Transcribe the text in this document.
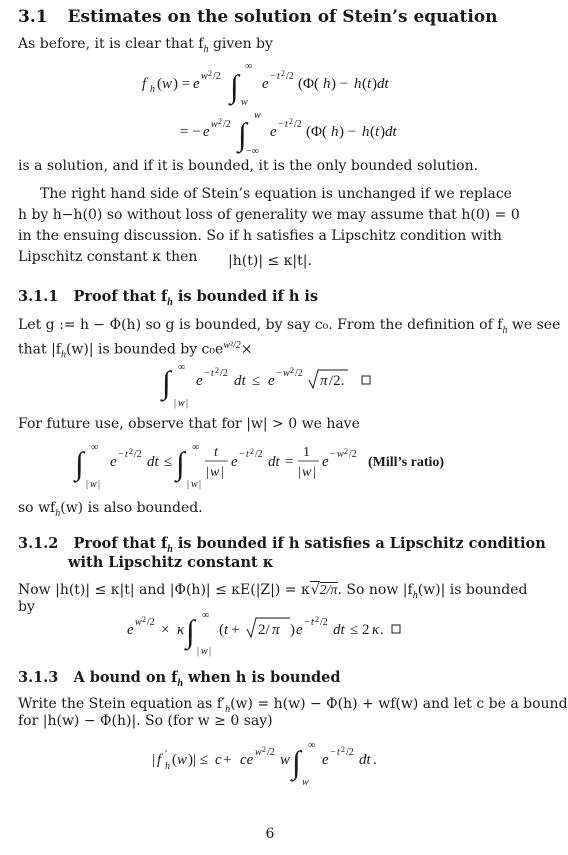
3.1 Estimates on the solution of Stein’s equation
As before, it is clear that $f_h$ given by
f h ( w ) = e w 2 /2 ∫
∞
w
e − t 2 /2 (Φ( h ) − h ( t ) dt
= − e w 2 /2 ∫
w
−∞
e − t 2 /2 (Φ( h ) − h ( t ) dt
is a solution, and if it is bounded, it is the only bounded solution.
The right hand side of Stein’s equation is unchanged if we replace h by h−h(0) so without loss of generality we may assume that h(0) = 0 in the ensuing discussion. So if h satisfies a Lipschitz condition with Lipschitz constant κ then	|h(t)| ≤ κ|t|.
3.1.1 Proof that $f_h$ is bounded if h is
Let g := h − Φ(h) so g is bounded, by say c₀. From the definition of $f_h$ we see
that $|f_h(w)|$ is bounded by $c_0e^{w^2/2}\times$
∫ ∞
| w |
e − t 2 /2 dt ≤ e − w 2 /2 π /2.
For future use, observe that for |w| > 0 we have
∫ ∞
| w |
e − t 2 /2 dt ≤ ∫ ∞
| w |
t
| w |
e − t 2 /2 dt =
1
| w |
e − w 2 /2
(Mill’s ratio)
so $wf_h(w)$ is also bounded.
3.1.2 Proof that $f_h$ is bounded if h satisfies a Lipschitz condition
with Lipschitz constant κ
Now |h(t)| ≤ κ|t| and |Φ(h)| ≤ κE(|Z|) = κ√2/π. So now $|f_h(w)|$ is bounded
by
e w 2 /2 × κ ∫ ∞
| w |
( t + 2/ π ) e − t 2 /2 dt ≤ 2 κ .
3.1.3 A bound on $f_h$ when h is bounded
Write the Stein equation as $f'_h(w) = h(w) - \Phi(h) + wf(w)$ and let c be a bound
for |h(w) − Φ(h)|. So (for w ≥ 0 say)
| f ′
h ( w )| ≤ c + ce w 2 /2 w ∫ ∞
w
e − t 2 /2 dt .
6
